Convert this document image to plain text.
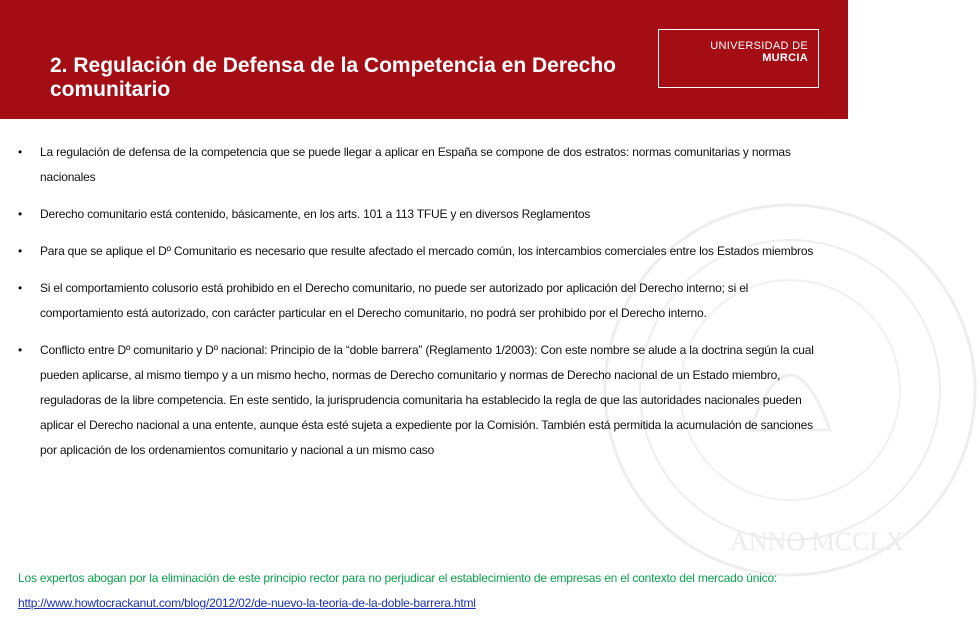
2. Regulación de Defensa de la Competencia en Derecho comunitario
UNIVERSIDAD DE
MURCIA
ANNO MCCLX
• La regulación de defensa de la competencia que se puede llegar a aplicar en España se compone de dos estratos: normas comunitarias y normas nacionales
• Derecho comunitario está contenido, básicamente, en los arts. 101 a 113 TFUE y en diversos Reglamentos
• Para que se aplique el Dº Comunitario es necesario que resulte afectado el mercado común, los intercambios comerciales entre los Estados miembros
• Si el comportamiento colusorio está prohibido en el Derecho comunitario, no puede ser autorizado por aplicación del Derecho interno; si el comportamiento está autorizado, con carácter particular en el Derecho comunitario, no podrá ser prohibido por el Derecho interno.
• Conflicto entre Dº comunitario y Dº nacional: Principio de la “doble barrera” (Reglamento 1/2003): Con este nombre se alude a la doctrina según la cual pueden aplicarse, al mismo tiempo y a un mismo hecho, normas de Derecho comunitario y normas de Derecho nacional de un Estado miembro, reguladoras de la libre competencia. En este sentido, la jurisprudencia comunitaria ha establecido la regla de que las autoridades nacionales pueden aplicar el Derecho nacional a una entente, aunque ésta esté sujeta a expediente por la Comisión. También está permitida la acumulación de sanciones por aplicación de los ordenamientos comunitario y nacional a un mismo caso
Los expertos abogan por la eliminación de este principio rector para no perjudicar el establecimiento de empresas en el contexto del mercado único: http://www.howtocrackanut.com/blog/2012/02/de-nuevo-la-teoria-de-la-doble-barrera.html
